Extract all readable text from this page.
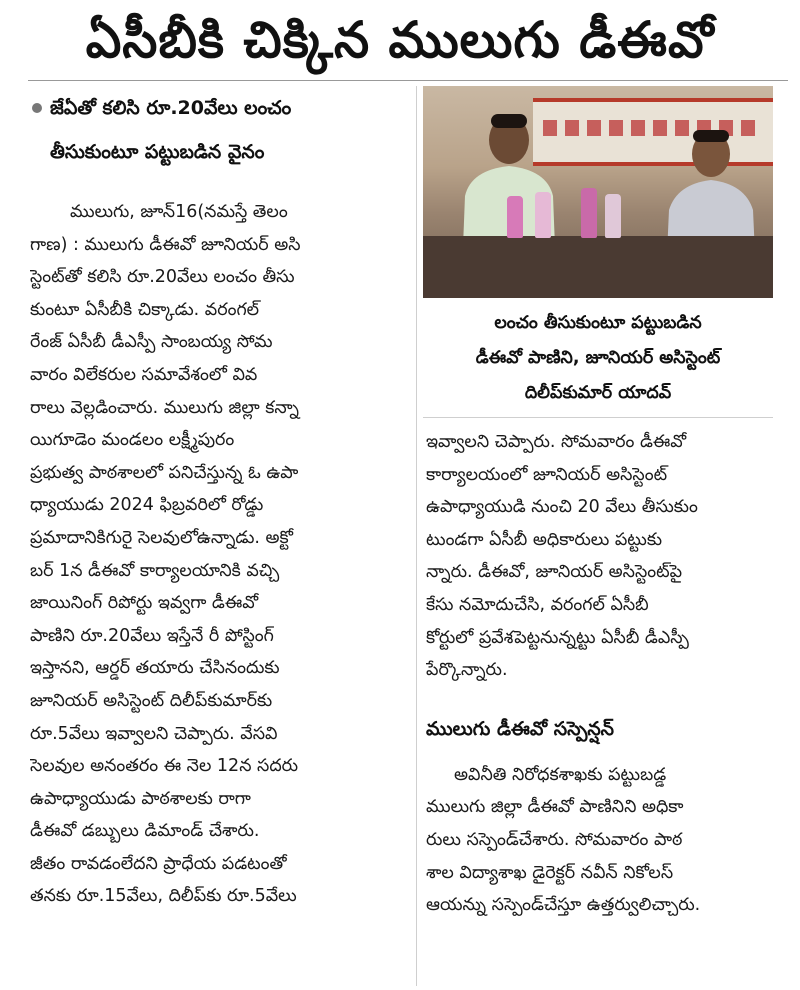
ఏసీబీకి చిక్కిన ములుగు డీఈవో
జేఏతో కలిసి రూ.20వేలు లంచం
తీసుకుంటూ పట్టుబడిన వైనం
ములుగు, జూన్16(నమస్తే తెలం
గాణ) : ములుగు డీఈవో జూనియర్ అసి
స్టెంట్‌తో కలిసి రూ.20వేలు లంచం తీసు
కుంటూ ఏసీబీకి చిక్కాడు. వరంగల్
రేంజ్ ఏసీబీ డీఎస్పీ సాంబయ్య సోమ
వారం విలేకరుల సమావేశంలో వివ
రాలు వెల్లడించారు. ములుగు జిల్లా కన్నా
యిగూడెం మండలం లక్ష్మీపురం
ప్రభుత్వ పాఠశాలలో పనిచేస్తున్న ఓ ఉపా
ధ్యాయుడు 2024 ఫిబ్రవరిలో రోడ్డు
ప్రమాదానికిగురై సెలవులోఉన్నాడు. అక్టో
బర్ 1న డీఈవో కార్యాలయానికి వచ్చి
జాయినింగ్ రిపోర్టు ఇవ్వగా డీఈవో
పాణిని రూ.20వేలు ఇస్తేనే రీ పోస్టింగ్
ఇస్తానని, ఆర్డర్ తయారు చేసినందుకు
జూనియర్ అసిస్టెంట్ దిలీప్‌కుమార్‌కు
రూ.5వేలు ఇవ్వాలని చెప్పారు. వేసవి
సెలవుల అనంతరం ఈ నెల 12న సదరు
ఉపాధ్యాయుడు పాఠశాలకు రాగా
డీఈవో డబ్బులు డిమాండ్ చేశారు.
జీతం రావడంలేదని ప్రాధేయ పడటంతో
తనకు రూ.15వేలు, దిలీప్‌కు రూ.5వేలు
లంచం తీసుకుంటూ పట్టుబడిన
డీఈవో పాణిని, జూనియర్ అసిస్టెంట్
దిలీప్‌కుమార్ యాదవ్
ఇవ్వాలని చెప్పారు. సోమవారం డీఈవో
కార్యాలయంలో జూనియర్ అసిస్టెంట్
ఉపాధ్యాయుడి నుంచి 20 వేలు తీసుకుం
టుండగా ఏసీబీ అధికారులు పట్టుకు
న్నారు. డీఈవో, జూనియర్ అసిస్టెంట్‌పై
కేసు నమోదుచేసి, వరంగల్ ఏసీబీ
కోర్టులో ప్రవేశపెట్టనున్నట్టు ఏసీబీ డీఎస్పీ
పేర్కొన్నారు.
ములుగు డీఈవో సస్పెన్షన్
అవినీతి నిరోధకశాఖకు పట్టుబడ్డ
ములుగు జిల్లా డీఈవో పాణినిని అధికా
రులు సస్పెండ్‌చేశారు. సోమవారం పాఠ
శాల విద్యాశాఖ డైరెక్టర్ నవీన్ నికోలస్
ఆయన్ను సస్పెండ్‌చేస్తూ ఉత్తర్వులిచ్చారు.
